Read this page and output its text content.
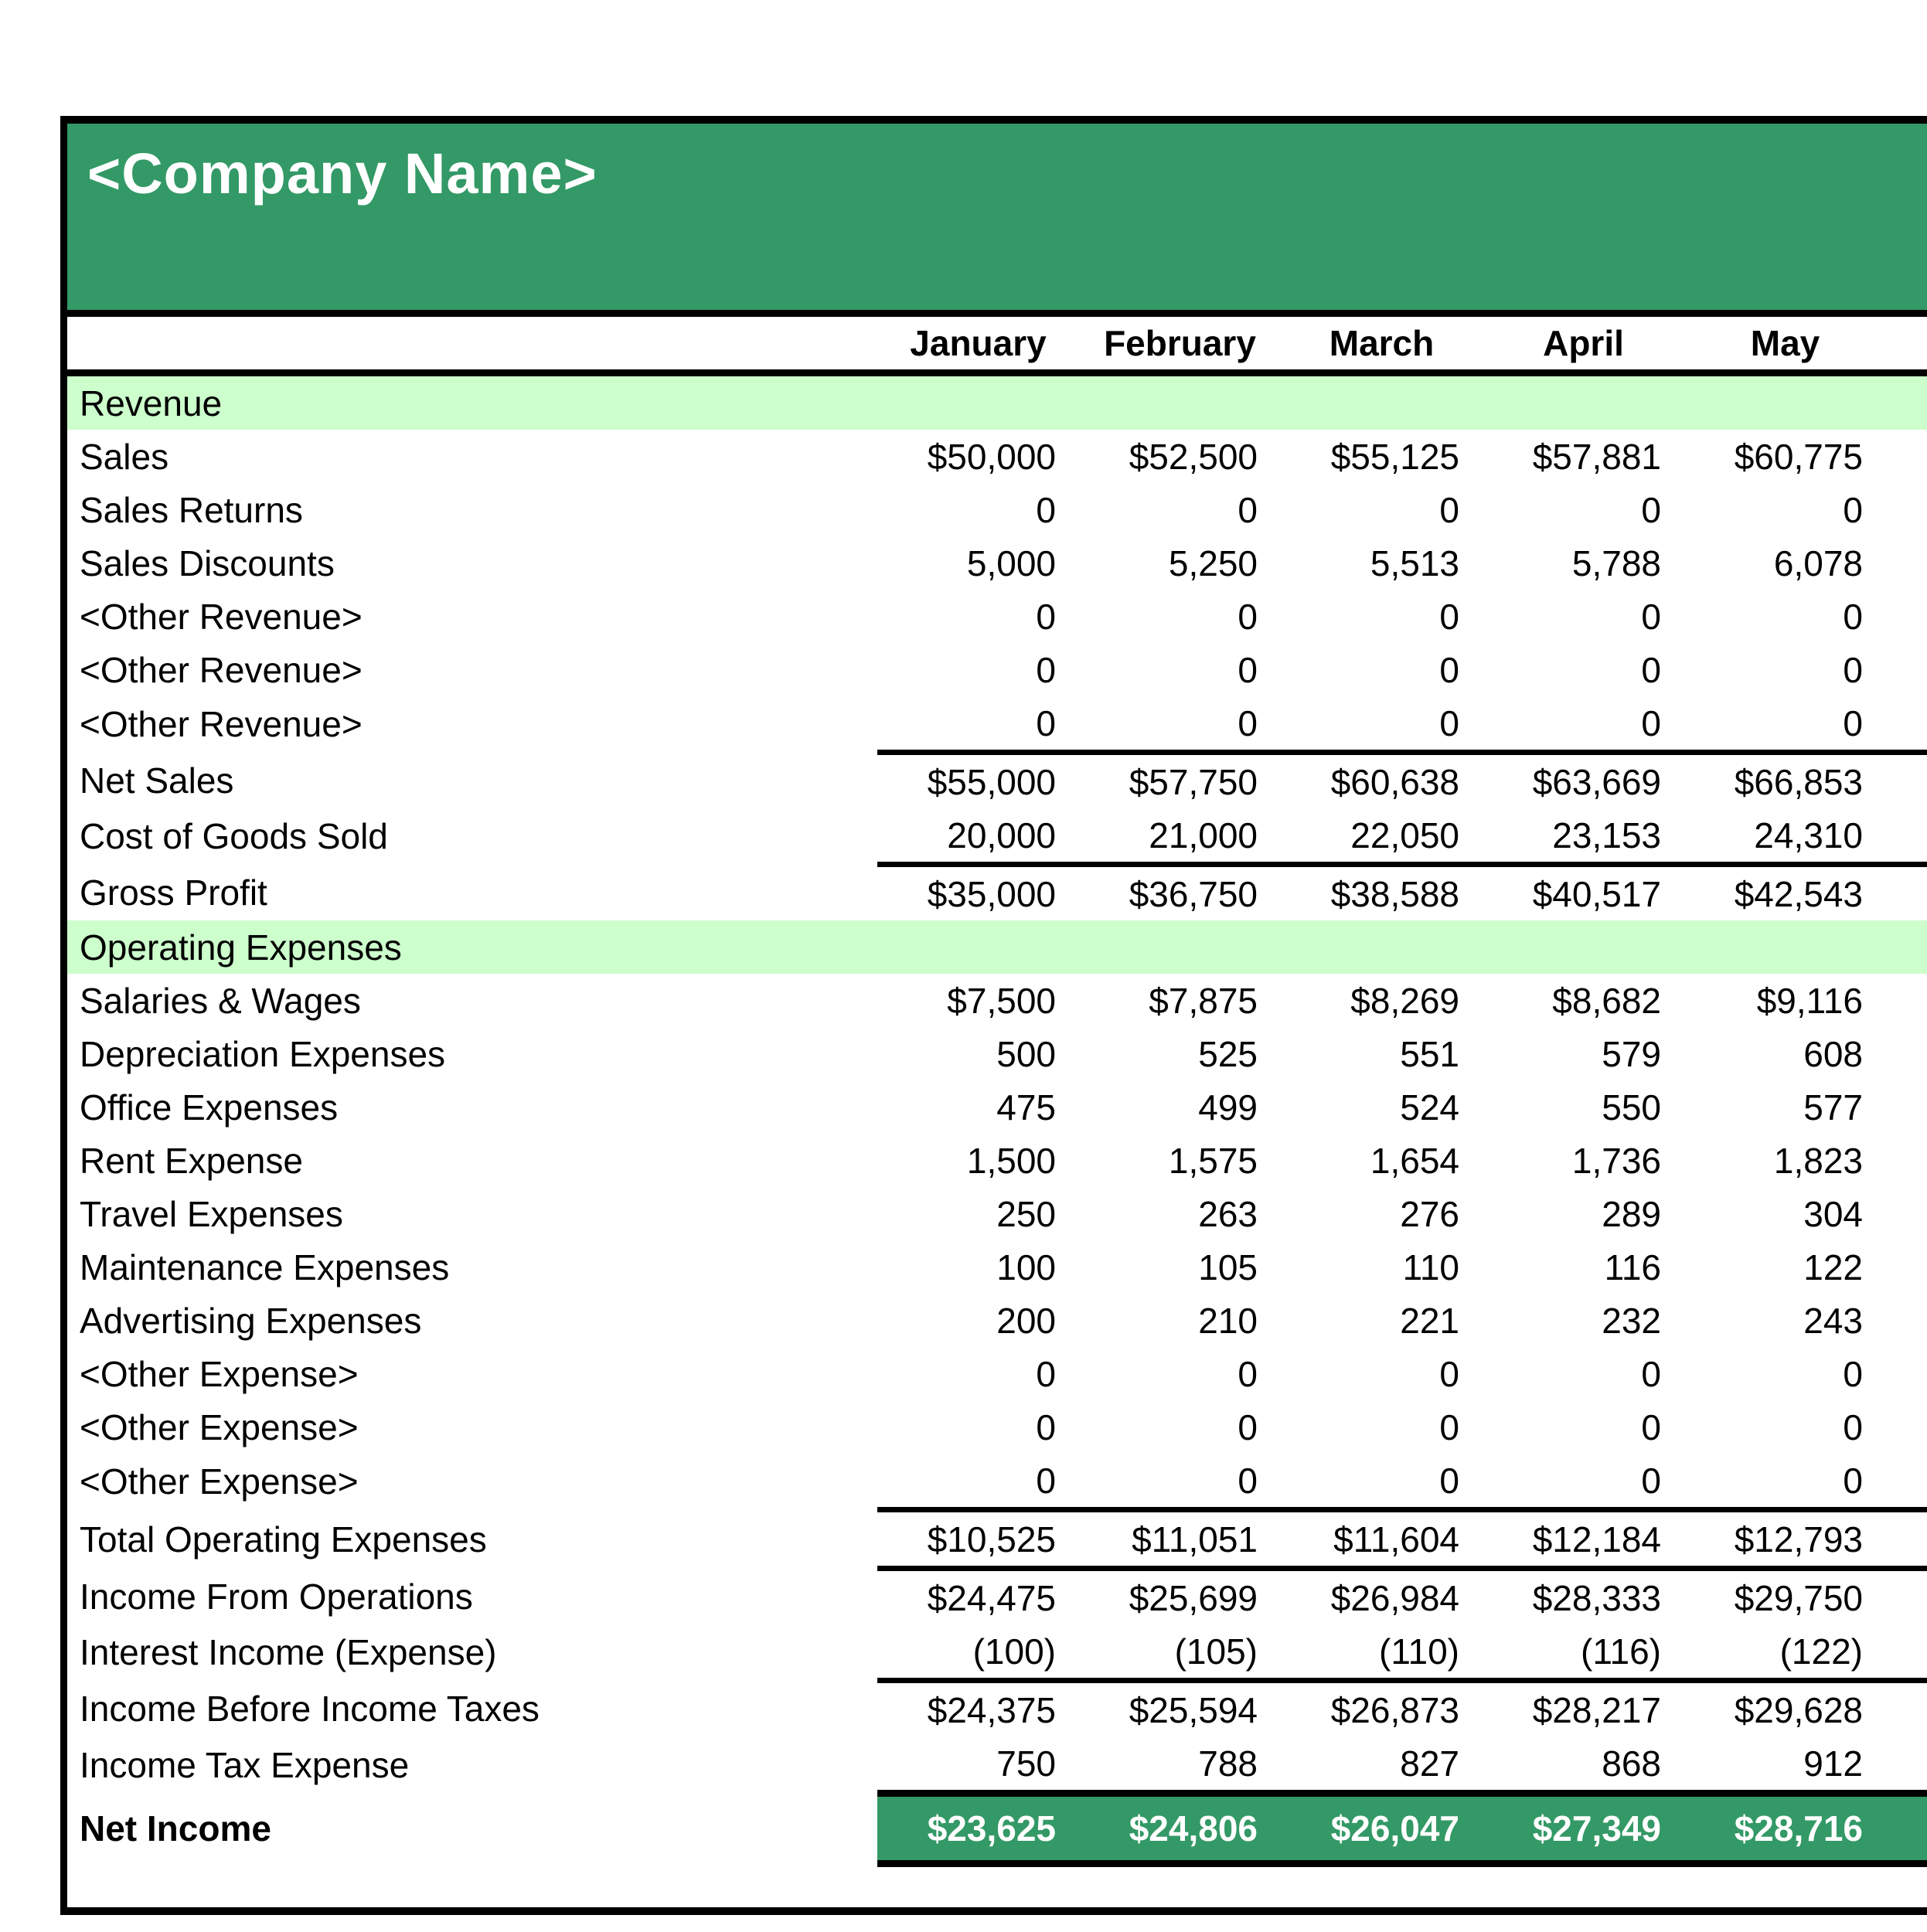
<Company Name>
	January	February	March	April	May	
Revenue						
Sales	$50,000	$52,500	$55,125	$57,881	$60,775	
Sales Returns	0	0	0	0	0	
Sales Discounts	5,000	5,250	5,513	5,788	6,078	
<Other Revenue>	0	0	0	0	0	
<Other Revenue>	0	0	0	0	0	
<Other Revenue>	0	0	0	0	0	
Net Sales	$55,000	$57,750	$60,638	$63,669	$66,853	
Cost of Goods Sold	20,000	21,000	22,050	23,153	24,310	
Gross Profit	$35,000	$36,750	$38,588	$40,517	$42,543	
Operating Expenses						
Salaries & Wages	$7,500	$7,875	$8,269	$8,682	$9,116	
Depreciation Expenses	500	525	551	579	608	
Office Expenses	475	499	524	550	577	
Rent Expense	1,500	1,575	1,654	1,736	1,823	
Travel Expenses	250	263	276	289	304	
Maintenance Expenses	100	105	110	116	122	
Advertising Expenses	200	210	221	232	243	
<Other Expense>	0	0	0	0	0	
<Other Expense>	0	0	0	0	0	
<Other Expense>	0	0	0	0	0	
Total Operating Expenses	$10,525	$11,051	$11,604	$12,184	$12,793	
Income From Operations	$24,475	$25,699	$26,984	$28,333	$29,750	
Interest Income (Expense)	(100)	(105)	(110)	(116)	(122)	
Income Before Income Taxes	$24,375	$25,594	$26,873	$28,217	$29,628	
Income Tax Expense	750	788	827	868	912	
Net Income	$23,625	$24,806	$26,047	$27,349	$28,716	
